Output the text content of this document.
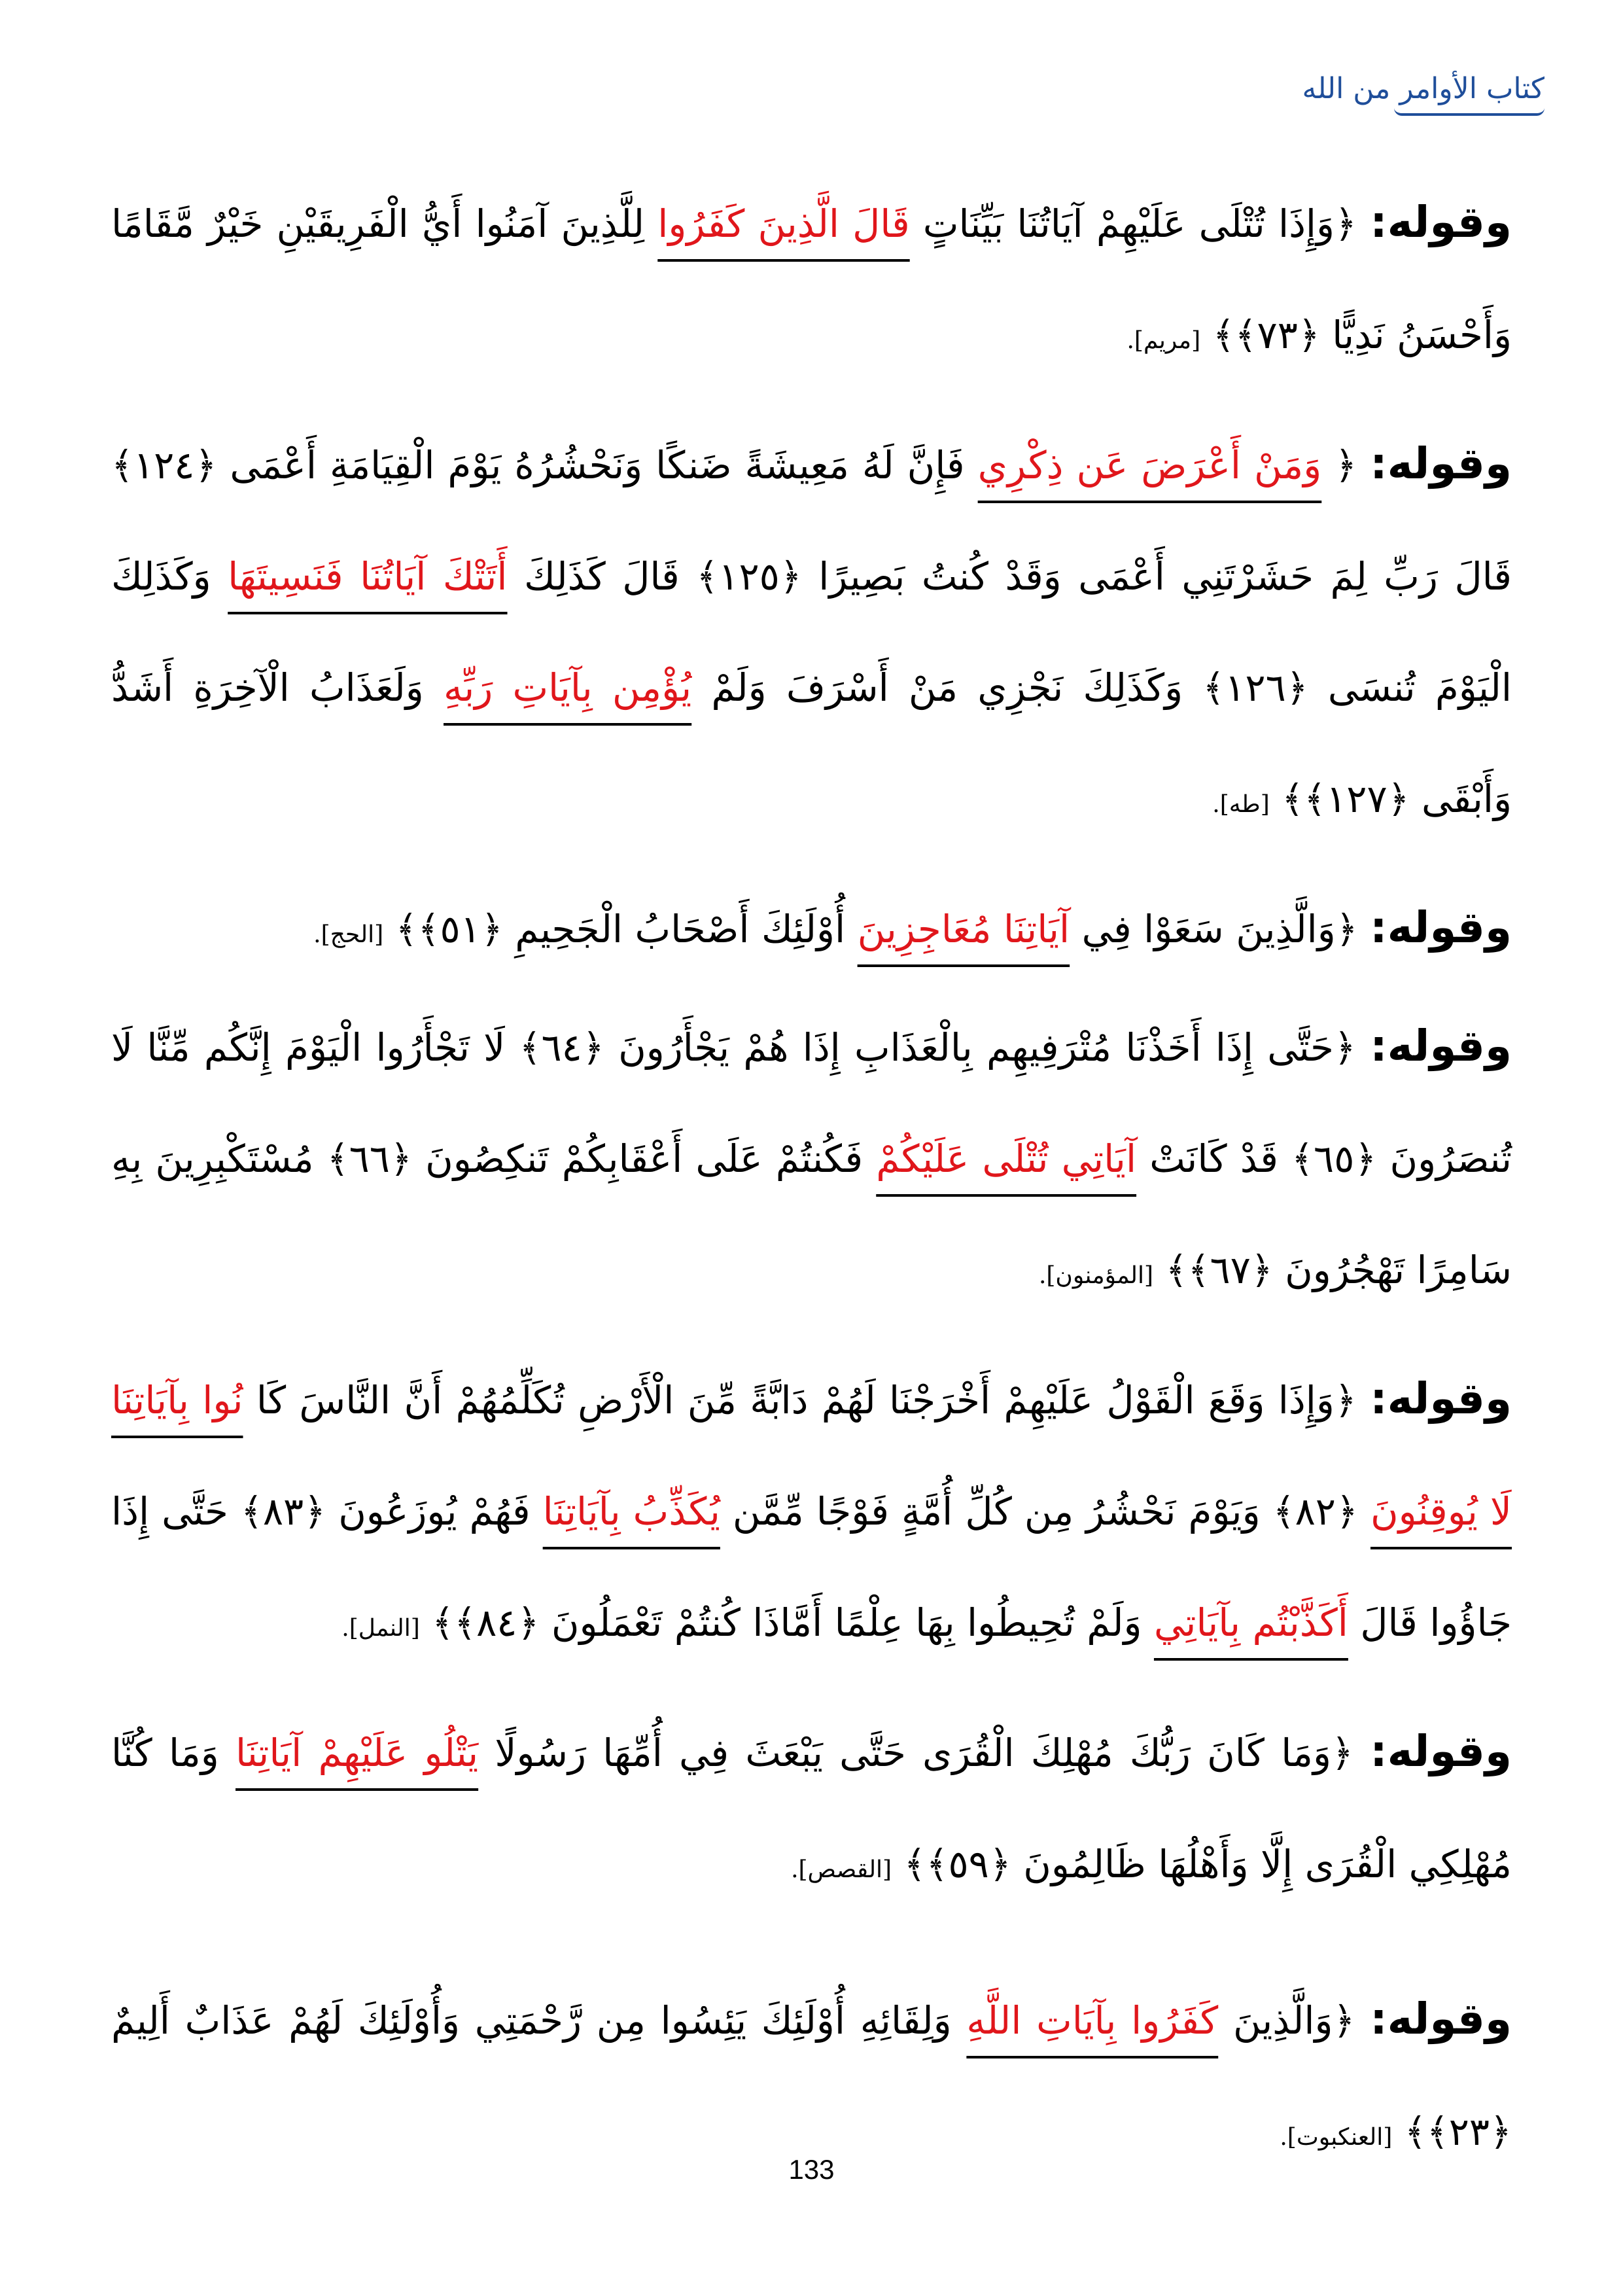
كتاب الأوامر من الله

وقوله: ﴿وَإِذَا تُتْلَى عَلَيْهِمْ آيَاتُنَا بَيِّنَاتٍ قَالَ الَّذِينَ كَفَرُوا لِلَّذِينَ آمَنُوا أَيُّ الْفَرِيقَيْنِ خَيْرٌ مَّقَامًا وَأَحْسَنُ نَدِيًّا ﴿٧٣﴾﴾ [مريم].

وقوله: ﴿ وَمَنْ أَعْرَضَ عَن ذِكْرِي فَإِنَّ لَهُ مَعِيشَةً ضَنكًا وَنَحْشُرُهُ يَوْمَ الْقِيَامَةِ أَعْمَى ﴿١٢٤﴾ قَالَ رَبِّ لِمَ حَشَرْتَنِي أَعْمَى وَقَدْ كُنتُ بَصِيرًا ﴿١٢٥﴾ قَالَ كَذَلِكَ أَتَتْكَ آيَاتُنَا فَنَسِيتَهَا وَكَذَلِكَ الْيَوْمَ تُنسَى ﴿١٢٦﴾ وَكَذَلِكَ نَجْزِي مَنْ أَسْرَفَ وَلَمْ يُؤْمِن بِآيَاتِ رَبِّهِ وَلَعَذَابُ الْآخِرَةِ أَشَدُّ وَأَبْقَى ﴿١٢٧﴾﴾ [طه].

وقوله: ﴿وَالَّذِينَ سَعَوْا فِي آيَاتِنَا مُعَاجِزِينَ أُوْلَئِكَ أَصْحَابُ الْجَحِيمِ ﴿٥١﴾﴾ [الحج].

وقوله: ﴿حَتَّى إِذَا أَخَذْنَا مُتْرَفِيهِم بِالْعَذَابِ إِذَا هُمْ يَجْأَرُونَ ﴿٦٤﴾ لَا تَجْأَرُوا الْيَوْمَ إِنَّكُم مِّنَّا لَا تُنصَرُونَ ﴿٦٥﴾ قَدْ كَانَتْ آيَاتِي تُتْلَى عَلَيْكُمْ فَكُنتُمْ عَلَى أَعْقَابِكُمْ تَنكِصُونَ ﴿٦٦﴾ مُسْتَكْبِرِينَ بِهِ سَامِرًا تَهْجُرُونَ ﴿٦٧﴾﴾ [المؤمنون].

وقوله: ﴿وَإِذَا وَقَعَ الْقَوْلُ عَلَيْهِمْ أَخْرَجْنَا لَهُمْ دَابَّةً مِّنَ الْأَرْضِ تُكَلِّمُهُمْ أَنَّ النَّاسَ كَا نُوا بِآيَاتِنَا لَا يُوقِنُونَ ﴿٨٢﴾ وَيَوْمَ نَحْشُرُ مِن كُلِّ أُمَّةٍ فَوْجًا مِّمَّن يُكَذِّبُ بِآيَاتِنَا فَهُمْ يُوزَعُونَ ﴿٨٣﴾ حَتَّى إِذَا جَاؤُوا قَالَ أَكَذَّبْتُم بِآيَاتِي وَلَمْ تُحِيطُوا بِهَا عِلْمًا أَمَّاذَا كُنتُمْ تَعْمَلُونَ ﴿٨٤﴾﴾ [النمل].

وقوله: ﴿وَمَا كَانَ رَبُّكَ مُهْلِكَ الْقُرَى حَتَّى يَبْعَثَ فِي أُمِّهَا رَسُولًا يَتْلُو عَلَيْهِمْ آيَاتِنَا وَمَا كُنَّا مُهْلِكِي الْقُرَى إِلَّا وَأَهْلُهَا ظَالِمُونَ ﴿٥٩﴾﴾ [القصص].

وقوله: ﴿وَالَّذِينَ كَفَرُوا بِآيَاتِ اللَّهِ وَلِقَائِهِ أُوْلَئِكَ يَئِسُوا مِن رَّحْمَتِي وَأُوْلَئِكَ لَهُمْ عَذَابٌ أَلِيمٌ ﴿٢٣﴾﴾ [العنكبوت].

133
